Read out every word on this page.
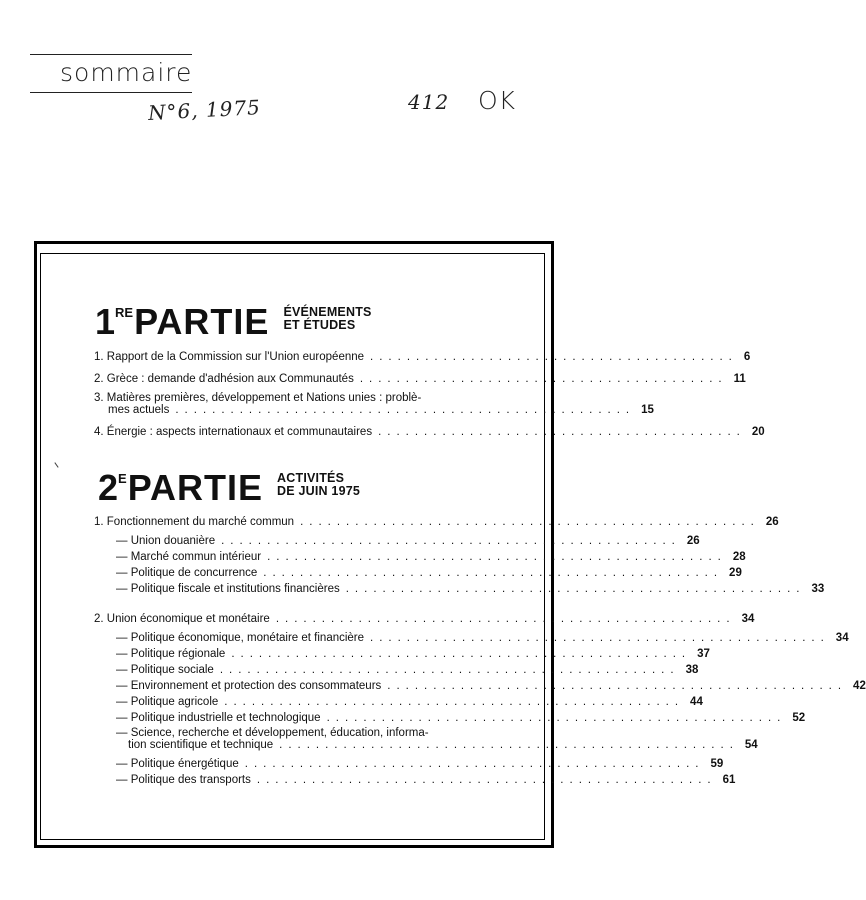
sommaire
N°6, 1975	412 OK
1 RE PARTIE ÉVÉNEMENTS
ET ÉTUDES
1. Rapport de la Commission sur l'Union européenne ........................................ 6
2. Grèce : demande d'adhésion aux Communautés ........................................ 11
3. Matières premières, développement et Nations unies : problè-
mes actuels .................................................. 15
4. Énergie : aspects internationaux et communautaires ........................................ 20
2 E PARTIE ACTIVITÉS
DE JUIN 1975
1. Fonctionnement du marché commun .................................................. 26
— Union douanière .................................................. 26
— Marché commun intérieur .................................................. 28
— Politique de concurrence .................................................. 29
— Politique fiscale et institutions financières .................................................. 33
2. Union économique et monétaire .................................................. 34
— Politique économique, monétaire et financière .................................................. 34
— Politique régionale .................................................. 37
— Politique sociale .................................................. 38
— Environnement et protection des consommateurs .................................................. 42
— Politique agricole .................................................. 44
— Politique industrielle et technologique .................................................. 52
— Science, recherche et développement, éducation, informa-
tion scientifique et technique .................................................. 54
— Politique énergétique .................................................. 59
— Politique des transports .................................................. 61
